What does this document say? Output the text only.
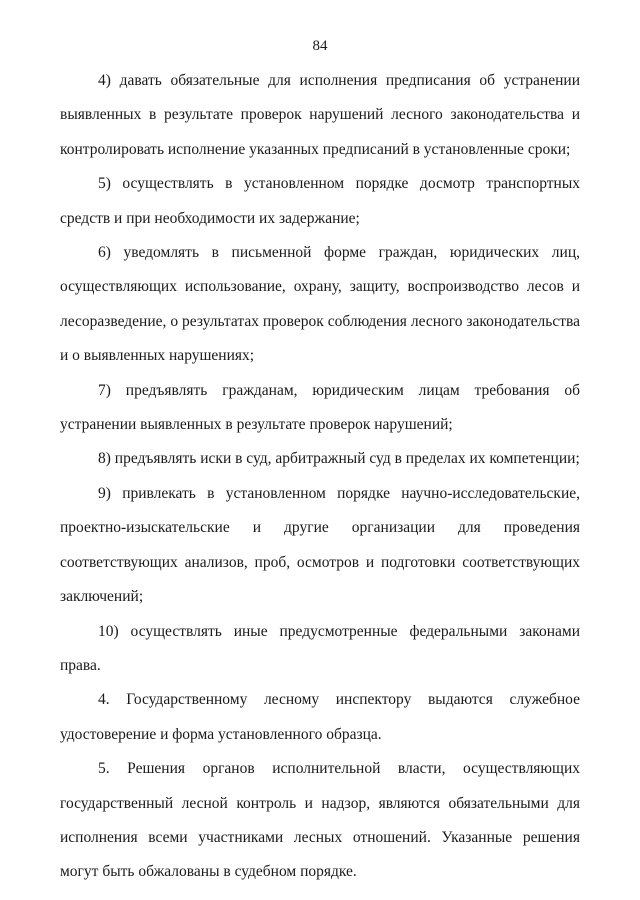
84

4) давать обязательные для исполнения предписания об устранении выявленных в результате проверок нарушений лесного законодательства и контролировать исполнение указанных предписаний в установленные сроки;

5) осуществлять в установленном порядке досмотр транспортных средств и при необходимости их задержание;

6) уведомлять в письменной форме граждан, юридических лиц, осуществляющих использование, охрану, защиту, воспроизводство лесов и лесоразведение, о результатах проверок соблюдения лесного законодательства и о выявленных нарушениях;

7) предъявлять гражданам, юридическим лицам требования об устранении выявленных в результате проверок нарушений;

8) предъявлять иски в суд, арбитражный суд в пределах их компетенции;

9) привлекать в установленном порядке научно-исследовательские, проектно-изыскательские и другие организации для проведения соответствующих анализов, проб, осмотров и подготовки соответствующих заключений;

10) осуществлять иные предусмотренные федеральными законами права.

4. Государственному лесному инспектору выдаются служебное удостоверение и форма установленного образца.

5. Решения органов исполнительной власти, осуществляющих государственный лесной контроль и надзор, являются обязательными для исполнения всеми участниками лесных отношений. Указанные решения могут быть обжалованы в судебном порядке.
